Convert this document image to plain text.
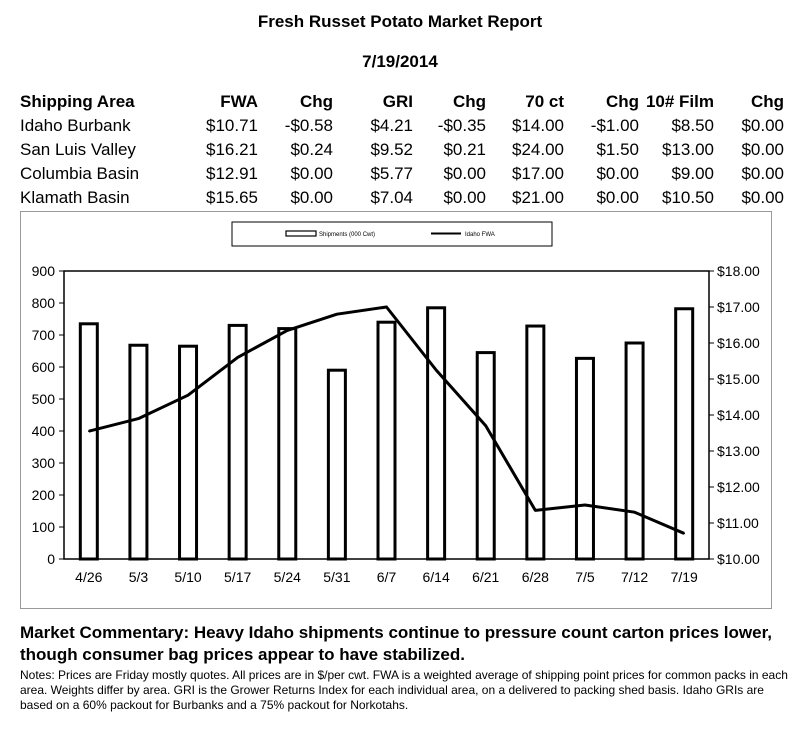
Fresh Russet Potato Market Report
7/19/2014
Shipping Area	FWA	Chg	GRI	Chg	70 ct	Chg	10# Film	Chg
Idaho Burbank	$10.71	-$0.58	$4.21	-$0.35	$14.00	-$1.00	$8.50	$0.00
San Luis Valley	$16.21	$0.24	$9.52	$0.21	$24.00	$1.50	$13.00	$0.00
Columbia Basin	$12.91	$0.00	$5.77	$0.00	$17.00	$0.00	$9.00	$0.00
Klamath Basin	$15.65	$0.00	$7.04	$0.00	$21.00	$0.00	$10.50	$0.00
Shipments (000 Cwt)	Idaho FWA
0
100
200
300
400
500
600
700
800
900
$10.00
$11.00
$12.00
$13.00
$14.00
$15.00
$16.00
$17.00
$18.00
4/26 5/3 5/10 5/17 5/24 5/31 6/7 6/14 6/21 6/28 7/5 7/12 7/19
Market Commentary: Heavy Idaho shipments continue to pressure count carton prices lower, though consumer bag prices appear to have stabilized.
Notes: Prices are Friday mostly quotes. All prices are in $/per cwt. FWA is a weighted average of shipping point prices for common packs in each area. Weights differ by area. GRI is the Grower Returns Index for each individual area, on a delivered to packing shed basis. Idaho GRIs are based on a 60% packout for Burbanks and a 75% packout for Norkotahs.
